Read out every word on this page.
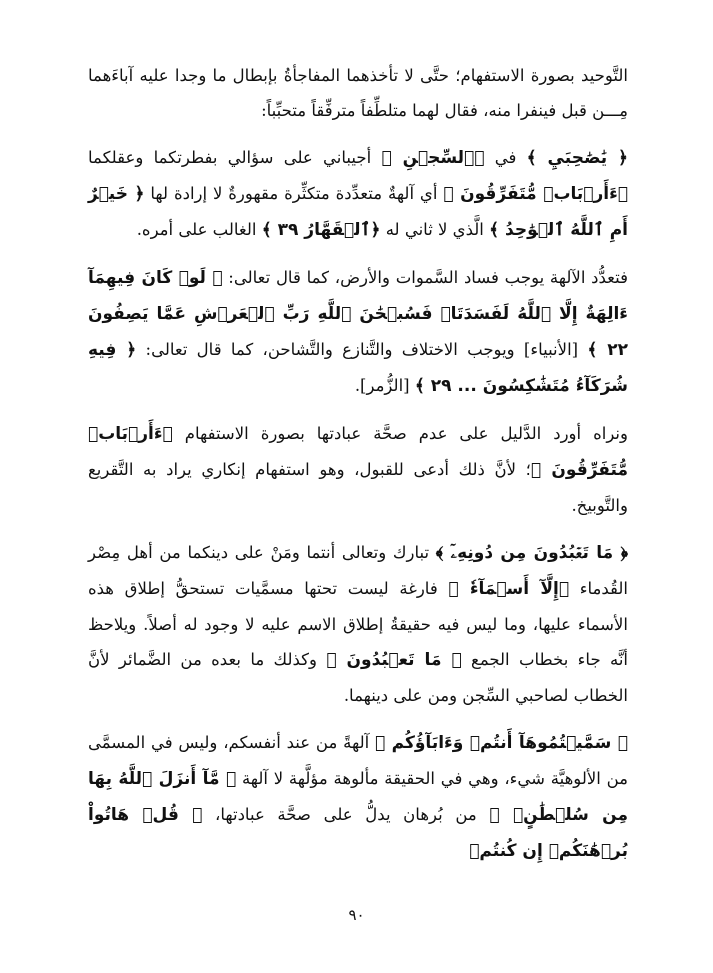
التَّوحيد بصورة الاستفهام؛ حتَّى لا تأخذهما المفاجأةُ بإبطال ما وجدا عليه آباءَهما مِـــن قبل فينفرا منه، فقال لهما متلطِّفاً مترفِّقاً متحبِّباً:

﴿ يَٰصَٰحِبَيِ ﴾ في ﴿ٱلسِّجۡنِ ﴾ أجيباني على سؤالي بفطرتكما وعقلكما ﴿ءَأَرۡبَابٞ مُّتَفَرِّقُونَ ﴾ أي آلهةٌ متعدِّدة متكثِّرة مقهورةٌ لا إرادة لها ﴿ خَيۡرٌ أَمِ ٱللَّهُ ٱلۡوَٰحِدُ ﴾ الَّذي لا ثاني له ﴿ٱلۡقَهَّارُ ٣٩ ﴾ الغالب على أمره.

فتعدُّد الآلهة يوجب فساد السَّموات والأرض، كما قال تعالى: ﴿ لَوۡ كَانَ فِيهِمَآ ءَالِهَةٌ إِلَّا ٱللَّهُ لَفَسَدَتَاۚ فَسُبۡحَٰنَ ٱللَّهِ رَبِّ ٱلۡعَرۡشِ عَمَّا يَصِفُونَ ٢٢ ﴾ [الأنبياء] ويوجب الاختلاف والتَّنازع والتَّشاحن، كما قال تعالى: ﴿ فِيهِ شُرَكَآءُ مُتَشَٰكِسُونَ ... ٢٩ ﴾ [الزُّمر].

ونراه أورد الدَّليل على عدم صحَّة عبادتها بصورة الاستفهام ﴿ءَأَرۡبَابٞ مُّتَفَرِّقُونَ ﴾؛ لأنَّ ذلك أدعى للقبول، وهو استفهام إنكاري يراد به التَّقريع والتَّوبيخ.

﴿ مَا تَعۡبُدُونَ مِن دُونِهِۦٓ ﴾ تبارك وتعالى أنتما ومَنْ على دينكما من أهل مِصْر القُدماء ﴿إِلَّآ أَسۡمَآءٗ ﴾ فارغة ليست تحتها مسمَّيات تستحقُّ إطلاق هذه الأسماء عليها، وما ليس فيه حقيقةُ إطلاق الاسم عليه لا وجود له أصلاً. ويلاحظ أنَّه جاء بخطاب الجمع ﴿ مَا تَعۡبُدُونَ ﴾ وكذلك ما بعده من الضَّمائر لأنَّ الخطاب لصاحبي السِّجن ومن على دينهما.

﴿ سَمَّيۡتُمُوهَآ أَنتُمۡ وَءَابَآؤُكُم ﴾ آلهةً من عند أنفسكم، وليس في المسمَّى من الألوهيَّة شيء، وهي في الحقيقة مألوهة مؤلَّهة لا آلهة ﴿ مَّآ أَنزَلَ ٱللَّهُ بِهَا مِن سُلۡطَٰنٍۚ ﴾ من بُرهان يدلُّ على صحَّة عبادتها، ﴿ قُلۡ هَاتُواْ بُرۡهَٰنَكُمۡ إِن كُنتُمۡ

٩٠
